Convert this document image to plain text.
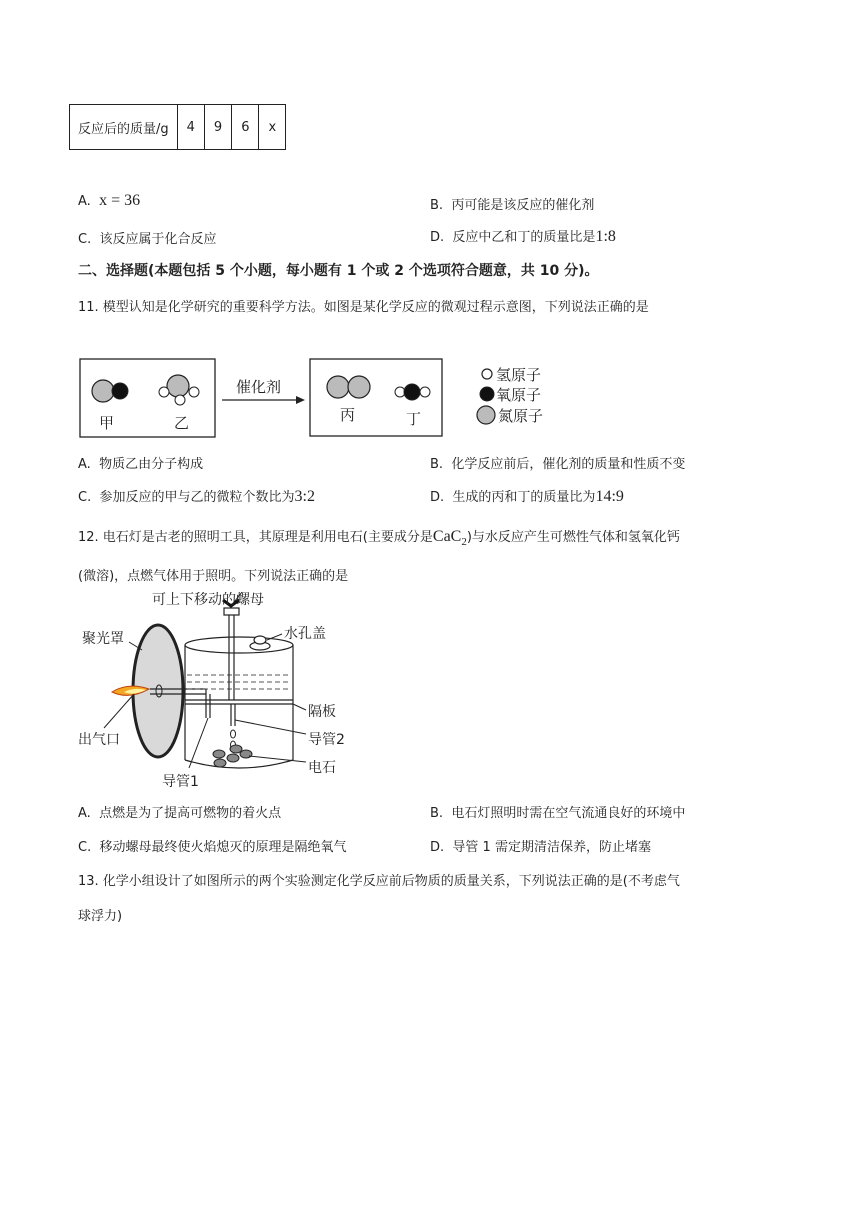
反应后的质量/g	4	9	6	x
A. x = 36	B. 丙可能是该反应的催化剂
C. 该反应属于化合反应	D. 反应中乙和丁的质量比是1:8
二、选择题(本题包括 5 个小题，每小题有 1 个或 2 个选项符合题意，共 10 分)。
11. 模型认知是化学研究的重要科学方法。如图是某化学反应的微观过程示意图，下列说法正确的是
甲	乙
催化剂
丙	丁
氢原子
氧原子
氮原子
A. 物质乙由分子构成	B. 化学反应前后，催化剂的质量和性质不变
C. 参加反应的甲与乙的微粒个数比为3:2	D. 生成的丙和丁的质量比为14:9
12. 电石灯是古老的照明工具，其原理是利用电石(主要成分是CaC$_2$)与水反应产生可燃性气体和氢氧化钙
(微溶)，点燃气体用于照明。下列说法正确的是
可上下移动的螺母
聚光罩	水孔盖
出气口
隔板
导管2
电石
导管1
A. 点燃是为了提高可燃物的着火点	B. 电石灯照明时需在空气流通良好的环境中
C. 移动螺母最终使火焰熄灭的原理是隔绝氧气	D. 导管 1 需定期清洁保养，防止堵塞
13. 化学小组设计了如图所示的两个实验测定化学反应前后物质的质量关系，下列说法正确的是(不考虑气
球浮力)
